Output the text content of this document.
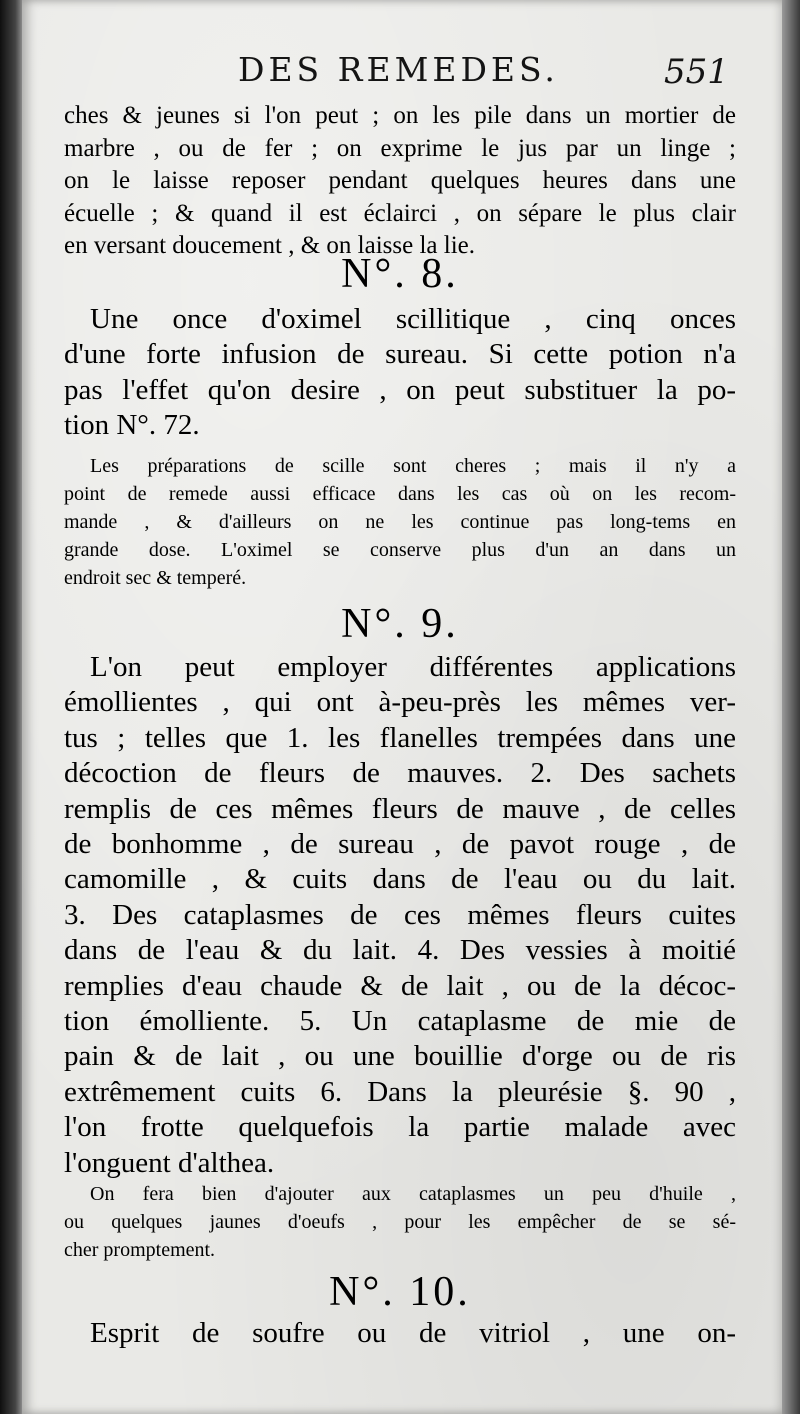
DES REMEDES.	551
ches & jeunes si l'on peut ; on les pile dans un mortier de
marbre , ou de fer ; on exprime le jus par un linge ;
on le laisse reposer pendant quelques heures dans une
écuelle ; & quand il est éclairci , on sépare le plus clair
en versant doucement , & on laisse la lie.
N°. 8.
Une once d'oximel scillitique , cinq onces
d'une forte infusion de sureau. Si cette potion n'a
pas l'effet qu'on desire , on peut substituer la po-
tion N°. 72.
Les préparations de scille sont cheres ; mais il n'y a
point de remede aussi efficace dans les cas où on les recom-
mande , & d'ailleurs on ne les continue pas long-tems en
grande dose. L'oximel se conserve plus d'un an dans un
endroit sec & temperé.
N°. 9.
L'on peut employer différentes applications
émollientes , qui ont à-peu-près les mêmes ver-
tus ; telles que 1. les flanelles trempées dans une
décoction de fleurs de mauves. 2. Des sachets
remplis de ces mêmes fleurs de mauve , de celles
de bonhomme , de sureau , de pavot rouge , de
camomille , & cuits dans de l'eau ou du lait.
3. Des cataplasmes de ces mêmes fleurs cuites
dans de l'eau & du lait. 4. Des vessies à moitié
remplies d'eau chaude & de lait , ou de la décoc-
tion émolliente. 5. Un cataplasme de mie de
pain & de lait , ou une bouillie d'orge ou de ris
extrêmement cuits 6. Dans la pleurésie §. 90 ,
l'on frotte quelquefois la partie malade avec
l'onguent d'althea.
On fera bien d'ajouter aux cataplasmes un peu d'huile ,
ou quelques jaunes d'oeufs , pour les empêcher de se sé-
cher promptement.
N°. 10.
Esprit de soufre ou de vitriol , une on-
